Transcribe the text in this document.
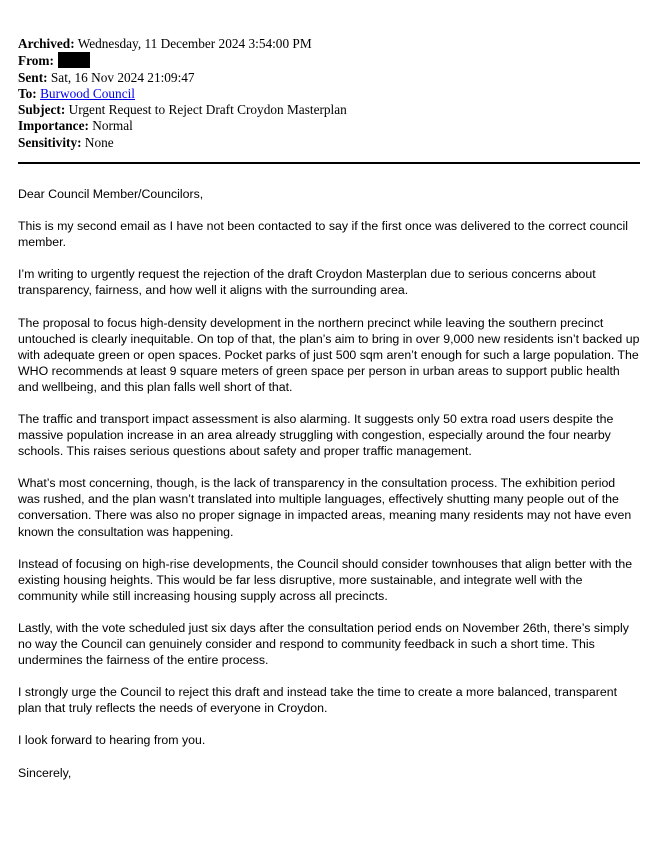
Archived: Wednesday, 11 December 2024 3:54:00 PM
From:
Sent: Sat, 16 Nov 2024 21:09:47
To: Burwood Council
Subject: Urgent Request to Reject Draft Croydon Masterplan
Importance: Normal
Sensitivity: None

Dear Council Member/Councilors,

This is my second email as I have not been contacted to say if the first once was delivered to the correct council member.

I’m writing to urgently request the rejection of the draft Croydon Masterplan due to serious concerns about transparency, fairness, and how well it aligns with the surrounding area.

The proposal to focus high-density development in the northern precinct while leaving the southern precinct untouched is clearly inequitable. On top of that, the plan’s aim to bring in over 9,000 new residents isn’t backed up with adequate green or open spaces. Pocket parks of just 500 sqm aren’t enough for such a large population. The WHO recommends at least 9 square meters of green space per person in urban areas to support public health and wellbeing, and this plan falls well short of that.

The traffic and transport impact assessment is also alarming. It suggests only 50 extra road users despite the massive population increase in an area already struggling with congestion, especially around the four nearby schools. This raises serious questions about safety and proper traffic management.

What’s most concerning, though, is the lack of transparency in the consultation process. The exhibition period was rushed, and the plan wasn’t translated into multiple languages, effectively shutting many people out of the conversation. There was also no proper signage in impacted areas, meaning many residents may not have even known the consultation was happening.

Instead of focusing on high-rise developments, the Council should consider townhouses that align better with the existing housing heights. This would be far less disruptive, more sustainable, and integrate well with the community while still increasing housing supply across all precincts.

Lastly, with the vote scheduled just six days after the consultation period ends on November 26th, there’s simply no way the Council can genuinely consider and respond to community feedback in such a short time. This undermines the fairness of the entire process.

I strongly urge the Council to reject this draft and instead take the time to create a more balanced, transparent plan that truly reflects the needs of everyone in Croydon.

I look forward to hearing from you.

Sincerely,
